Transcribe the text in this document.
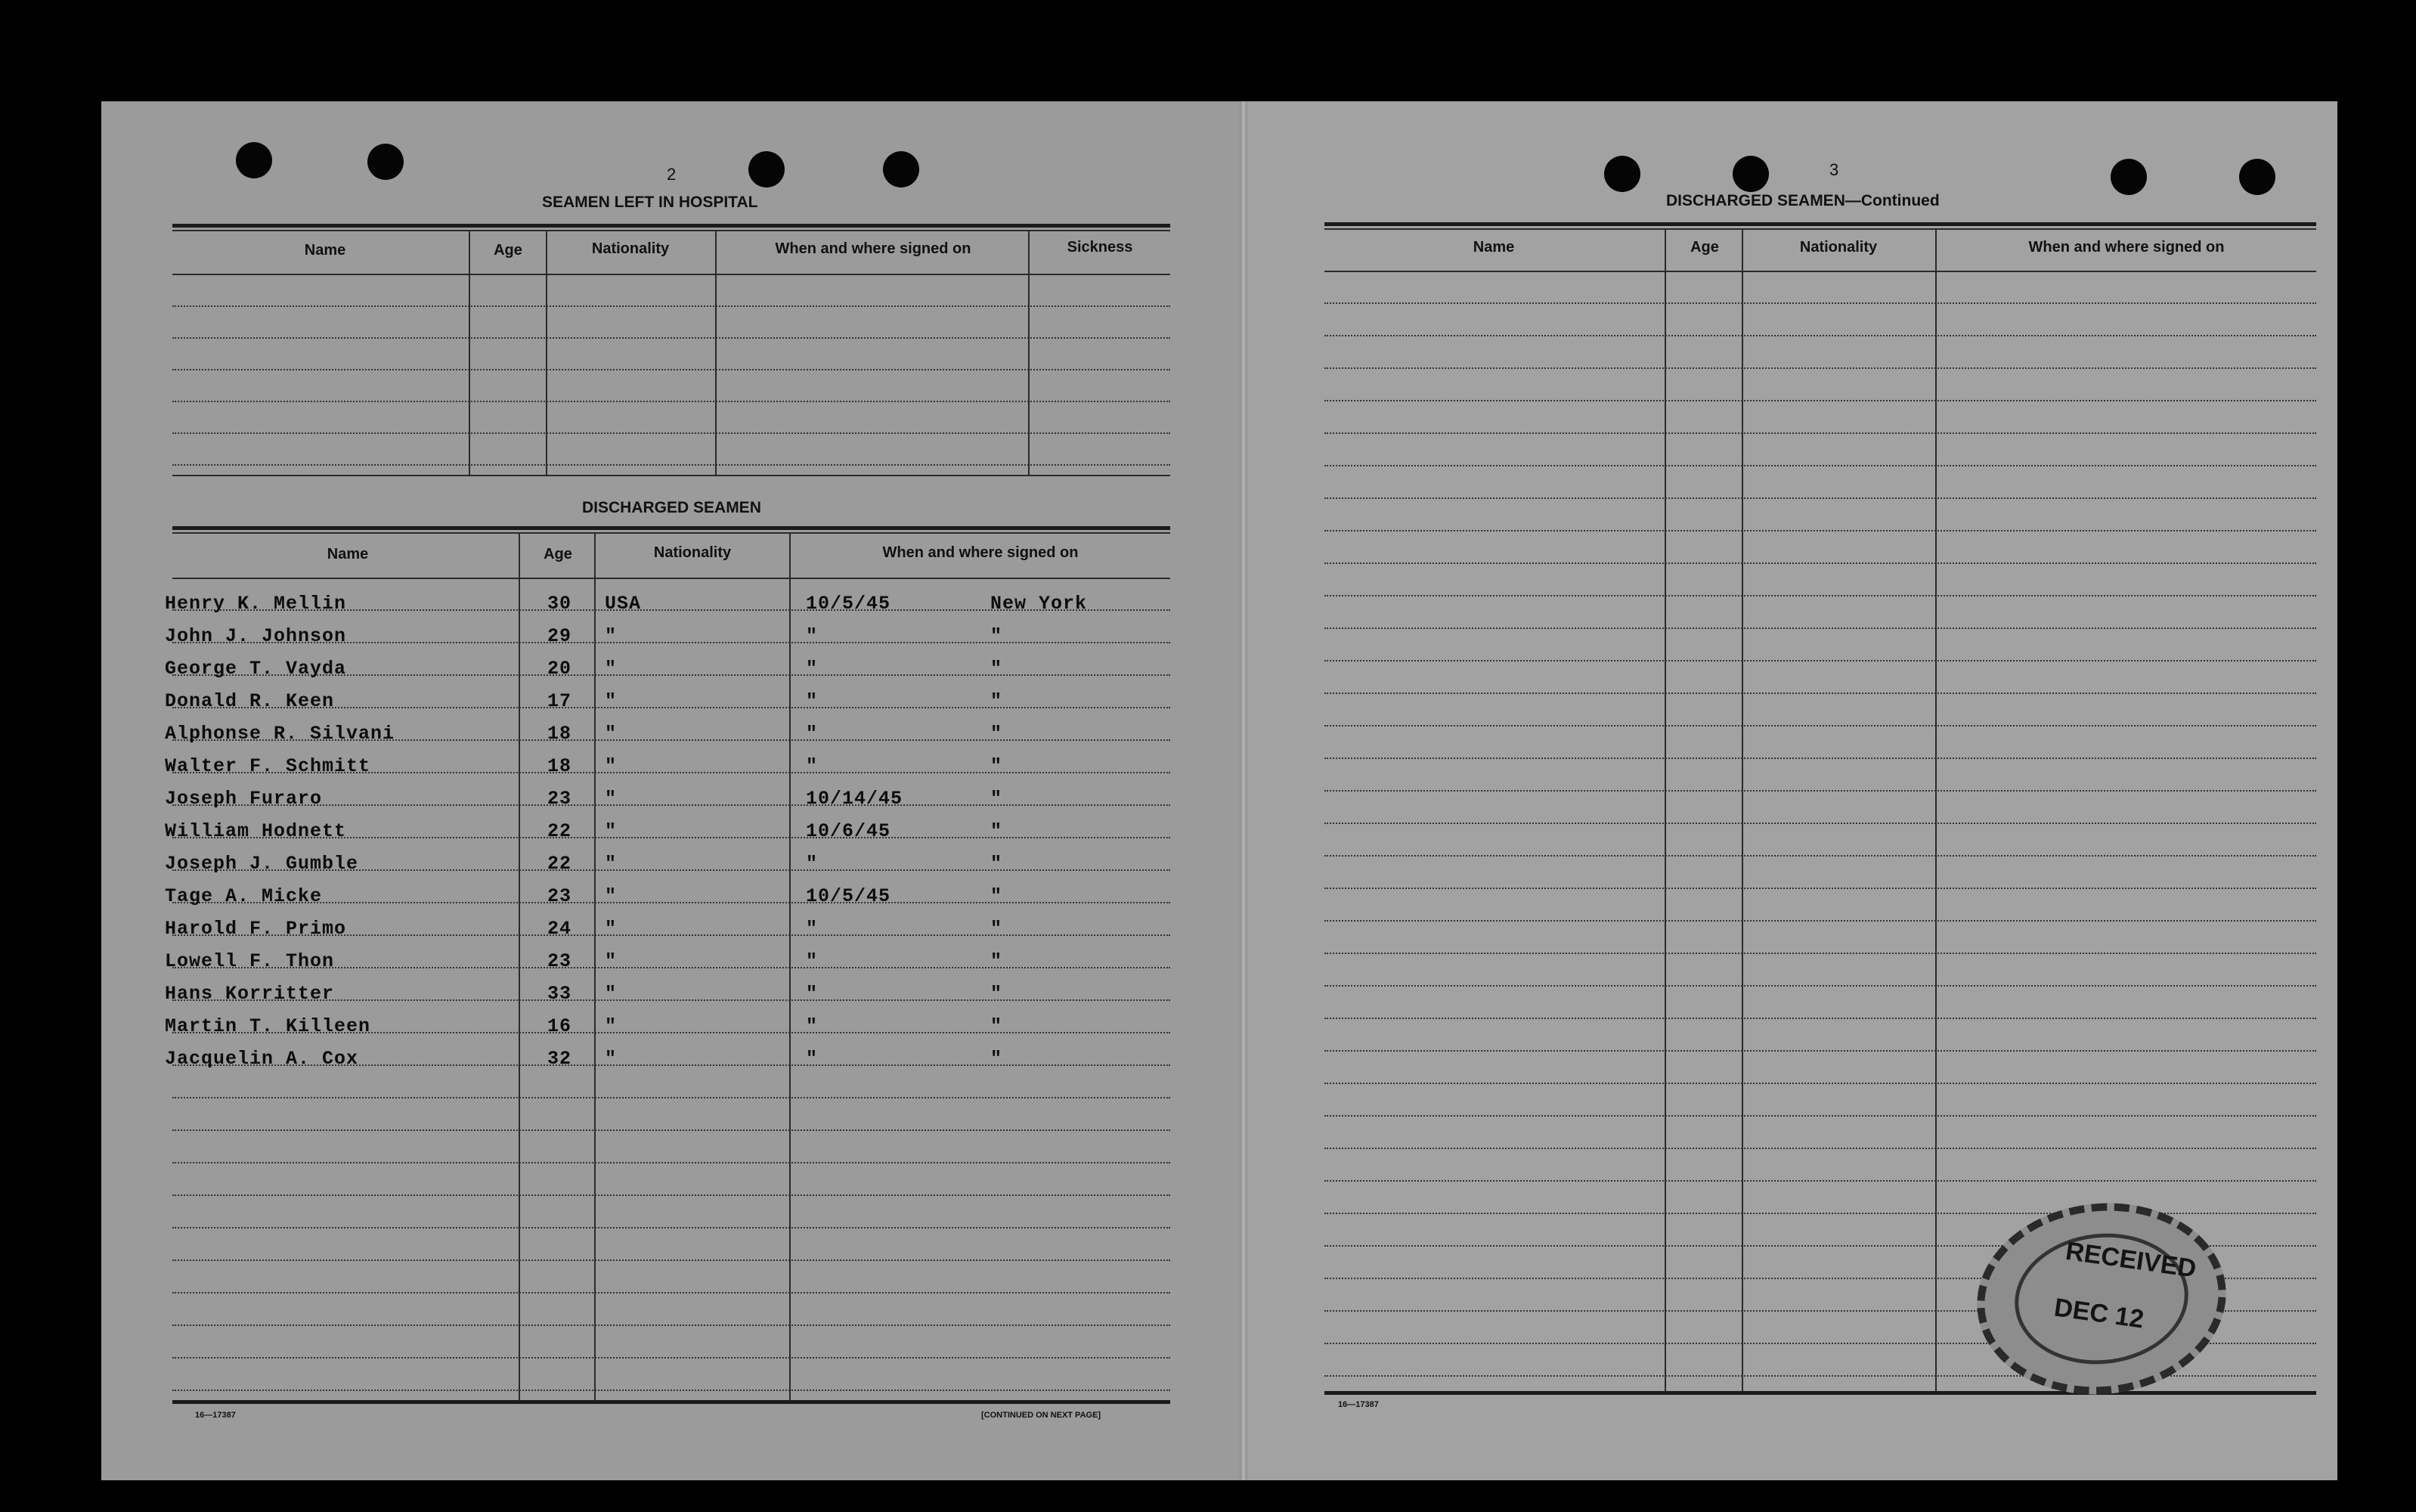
2
SEAMEN LEFT IN HOSPITAL
Name	Age	Nationality	When and where signed on	Sickness
DISCHARGED SEAMEN
Name	Age	Nationality	When and where signed on
Henry K. Mellin	30 USA	10/5/45	New York
John J. Johnson	29 "	"	"
George T. Vayda	20 "	"	"
Donald R. Keen	17 "	"	"
Alphonse R. Silvani	18 "	"	"
Walter F. Schmitt	18 "	"	"
Joseph Furaro	23 "	10/14/45	"
William Hodnett	22 "	10/6/45	"
Joseph J. Gumble	22 "	"	"
Tage A. Micke	23 "	10/5/45	"
Harold F. Primo	24 "	"	"
Lowell F. Thon	23 "	"	"
Hans Korritter	33 "	"	"
Martin T. Killeen	16 "	"	"
Jacquelin A. Cox	32 "	"	"
16—17387	[CONTINUED ON NEXT PAGE]
3
DISCHARGED SEAMEN—Continued
Name	Age	Nationality	When and where signed on
16—17387
RECEIVED
DEC 12
